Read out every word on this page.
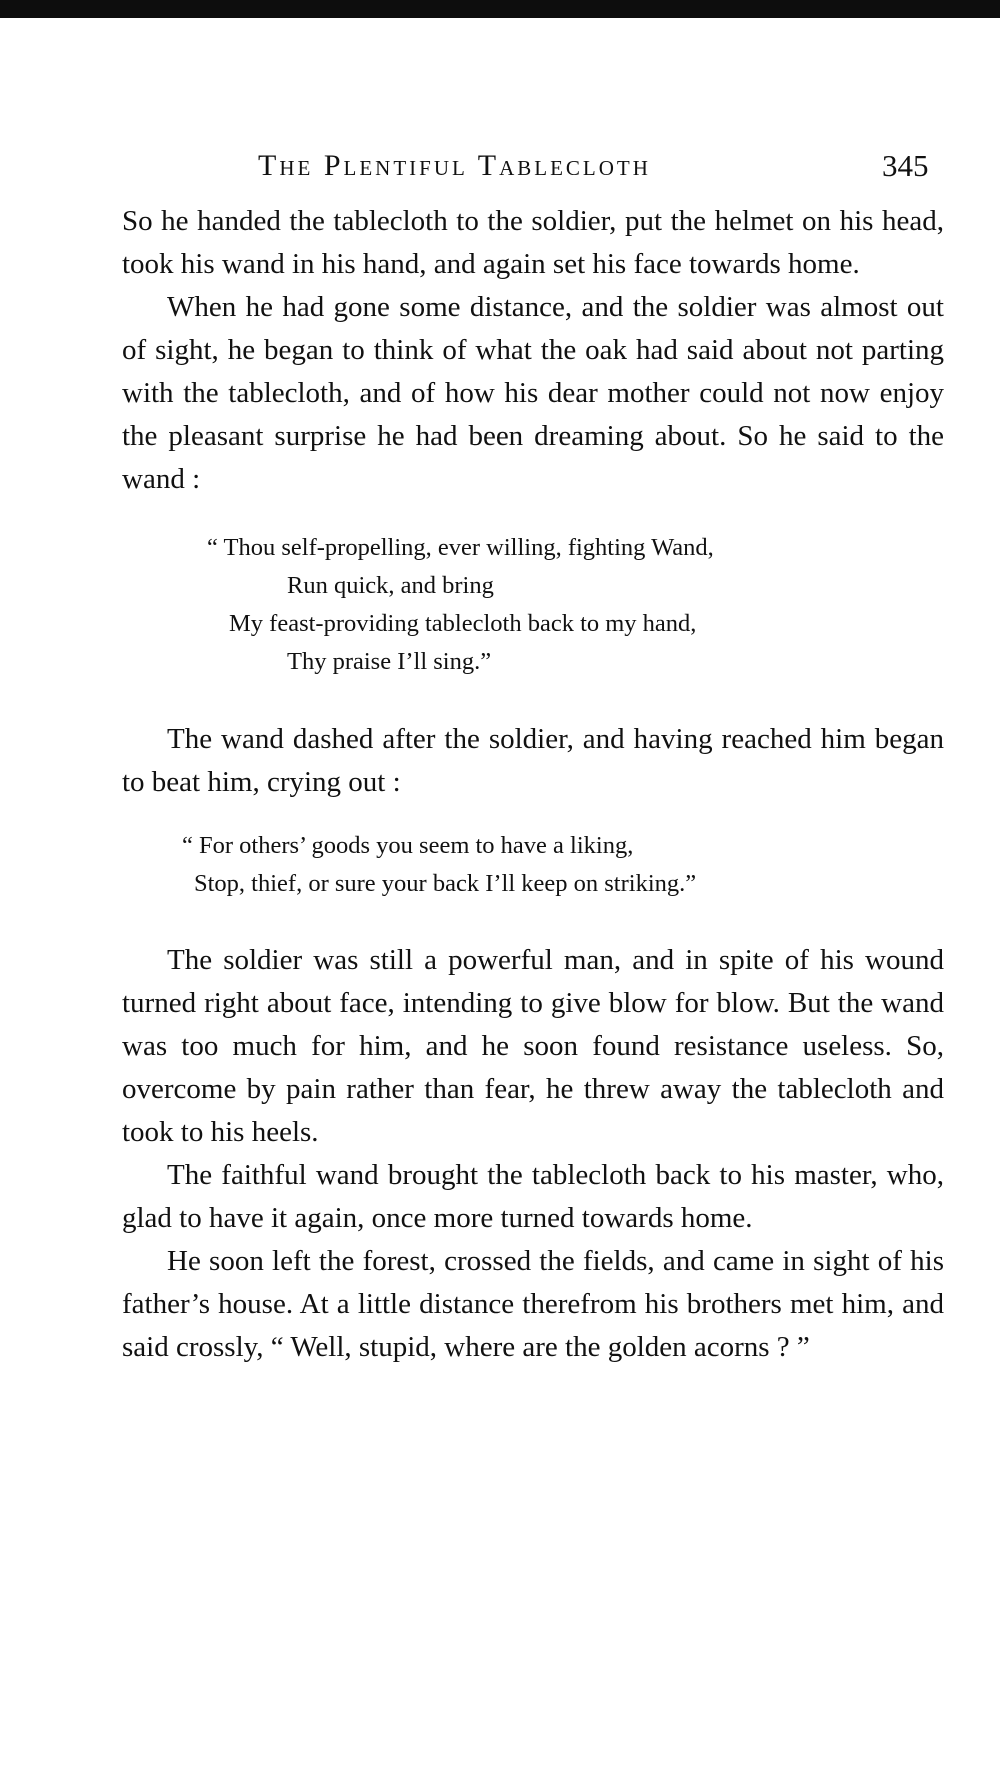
The Plentiful Tablecloth	345

So he handed the tablecloth to the soldier, put the helmet on his head, took his wand in his hand, and again set his face towards home.

When he had gone some distance, and the soldier was almost out of sight, he began to think of what the oak had said about not parting with the tablecloth, and of how his dear mother could not now enjoy the pleasant surprise he had been dreaming about. So he said to the wand :

“ Thou self-propelling, ever willing, fighting Wand,
Run quick, and bring
My feast-providing tablecloth back to my hand,
Thy praise I’ll sing.”

The wand dashed after the soldier, and having reached him began to beat him, crying out :

“ For others’ goods you seem to have a liking,
Stop, thief, or sure your back I’ll keep on striking.”

The soldier was still a powerful man, and in spite of his wound turned right about face, intending to give blow for blow. But the wand was too much for him, and he soon found resistance useless. So, overcome by pain rather than fear, he threw away the tablecloth and took to his heels.

The faithful wand brought the tablecloth back to his master, who, glad to have it again, once more turned towards home.

He soon left the forest, crossed the fields, and came in sight of his father’s house. At a little distance therefrom his brothers met him, and said crossly, “ Well, stupid, where are the golden acorns ? ”
